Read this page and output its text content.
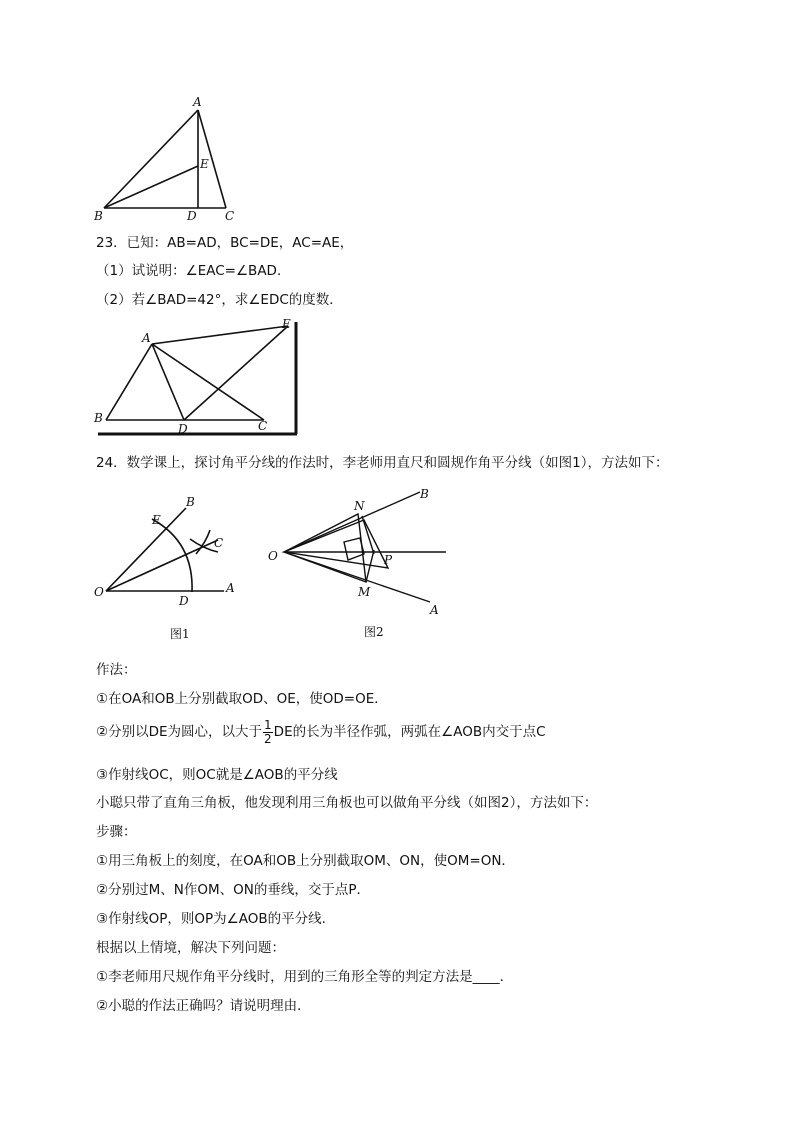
A
E
B	D C
23．已知：AB=AD，BC=DE，AC=AE，
（1）试说明：∠EAC=∠BAD．
（2）若∠BAD=42°，求∠EDC的度数．
A
E
B
D	C
24．数学课上，探讨角平分线的作法时，李老师用直尺和圆规作角平分线（如图1），方法如下：
B
E
C
O	A
D
图1
B
N
O	P
M
A
图2
作法：
①在OA和OB上分别截取OD、OE，使OD=OE．
②分别以DE为圆心，以大于 $\frac{1}{2}$ DE的长为半径作弧，两弧在∠AOB内交于点C
③作射线OC，则OC就是∠AOB的平分线
小聪只带了直角三角板，他发现利用三角板也可以做角平分线（如图2），方法如下：
步骤：
①用三角板上的刻度，在OA和OB上分别截取OM、ON，使OM=ON．
②分别过M、N作OM、ON的垂线，交于点P．
③作射线OP，则OP为∠AOB的平分线．
根据以上情境，解决下列问题：
①李老师用尺规作角平分线时，用到的三角形全等的判定方法是____．
②小聪的作法正确吗？请说明理由．
